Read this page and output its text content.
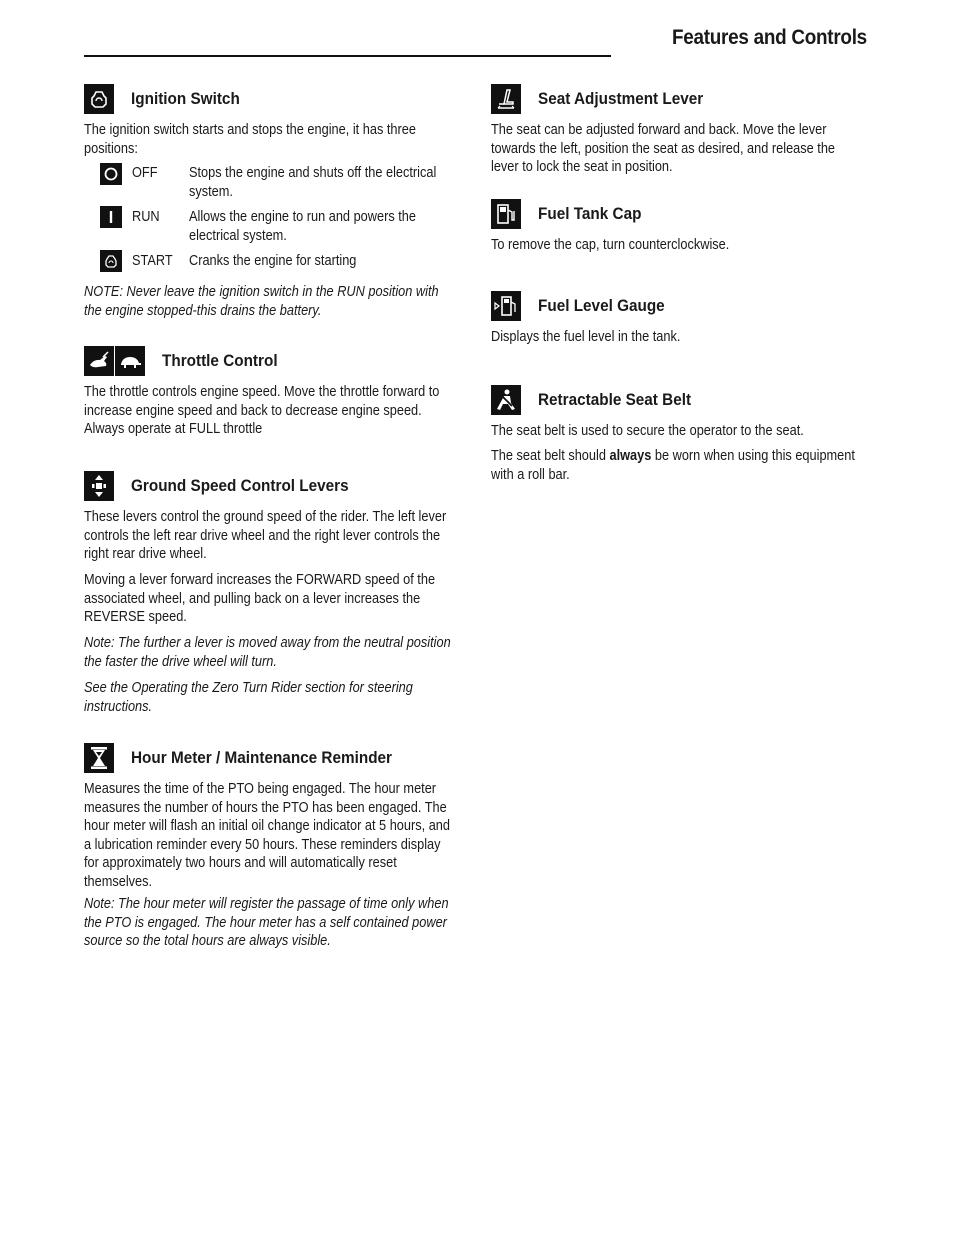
Features and Controls
Ignition Switch

The ignition switch starts and stops the engine, it has three positions:

OFF Stops the engine and shuts off the electrical system.
RUN Allows the engine to run and powers the electrical system.
START Cranks the engine for starting

NOTE: Never leave the ignition switch in the RUN position with the engine stopped-this drains the battery.

Throttle Control

The throttle controls engine speed. Move the throttle forward to increase engine speed and back to decrease engine speed. Always operate at FULL throttle

Ground Speed Control Levers

These levers control the ground speed of the rider. The left lever controls the left rear drive wheel and the right lever controls the right rear drive wheel.

Moving a lever forward increases the FORWARD speed of the associated wheel, and pulling back on a lever increases the REVERSE speed.

Note: The further a lever is moved away from the neutral position the faster the drive wheel will turn.

See the Operating the Zero Turn Rider section for steering instructions.

Hour Meter / Maintenance Reminder

Measures the time of the PTO being engaged. The hour meter measures the number of hours the PTO has been engaged. The hour meter will flash an initial oil change indicator at 5 hours, and a lubrication reminder every 50 hours. These reminders display for approximately two hours and will automatically reset themselves.

Note: The hour meter will register the passage of time only when the PTO is engaged. The hour meter has a self contained power source so the total hours are always visible.

Seat Adjustment Lever

The seat can be adjusted forward and back. Move the lever towards the left, position the seat as desired, and release the lever to lock the seat in position.

Fuel Tank Cap

To remove the cap, turn counterclockwise.

Fuel Level Gauge

Displays the fuel level in the tank.

Retractable Seat Belt

The seat belt is used to secure the operator to the seat.

The seat belt should always be worn when using this equipment with a roll bar.
